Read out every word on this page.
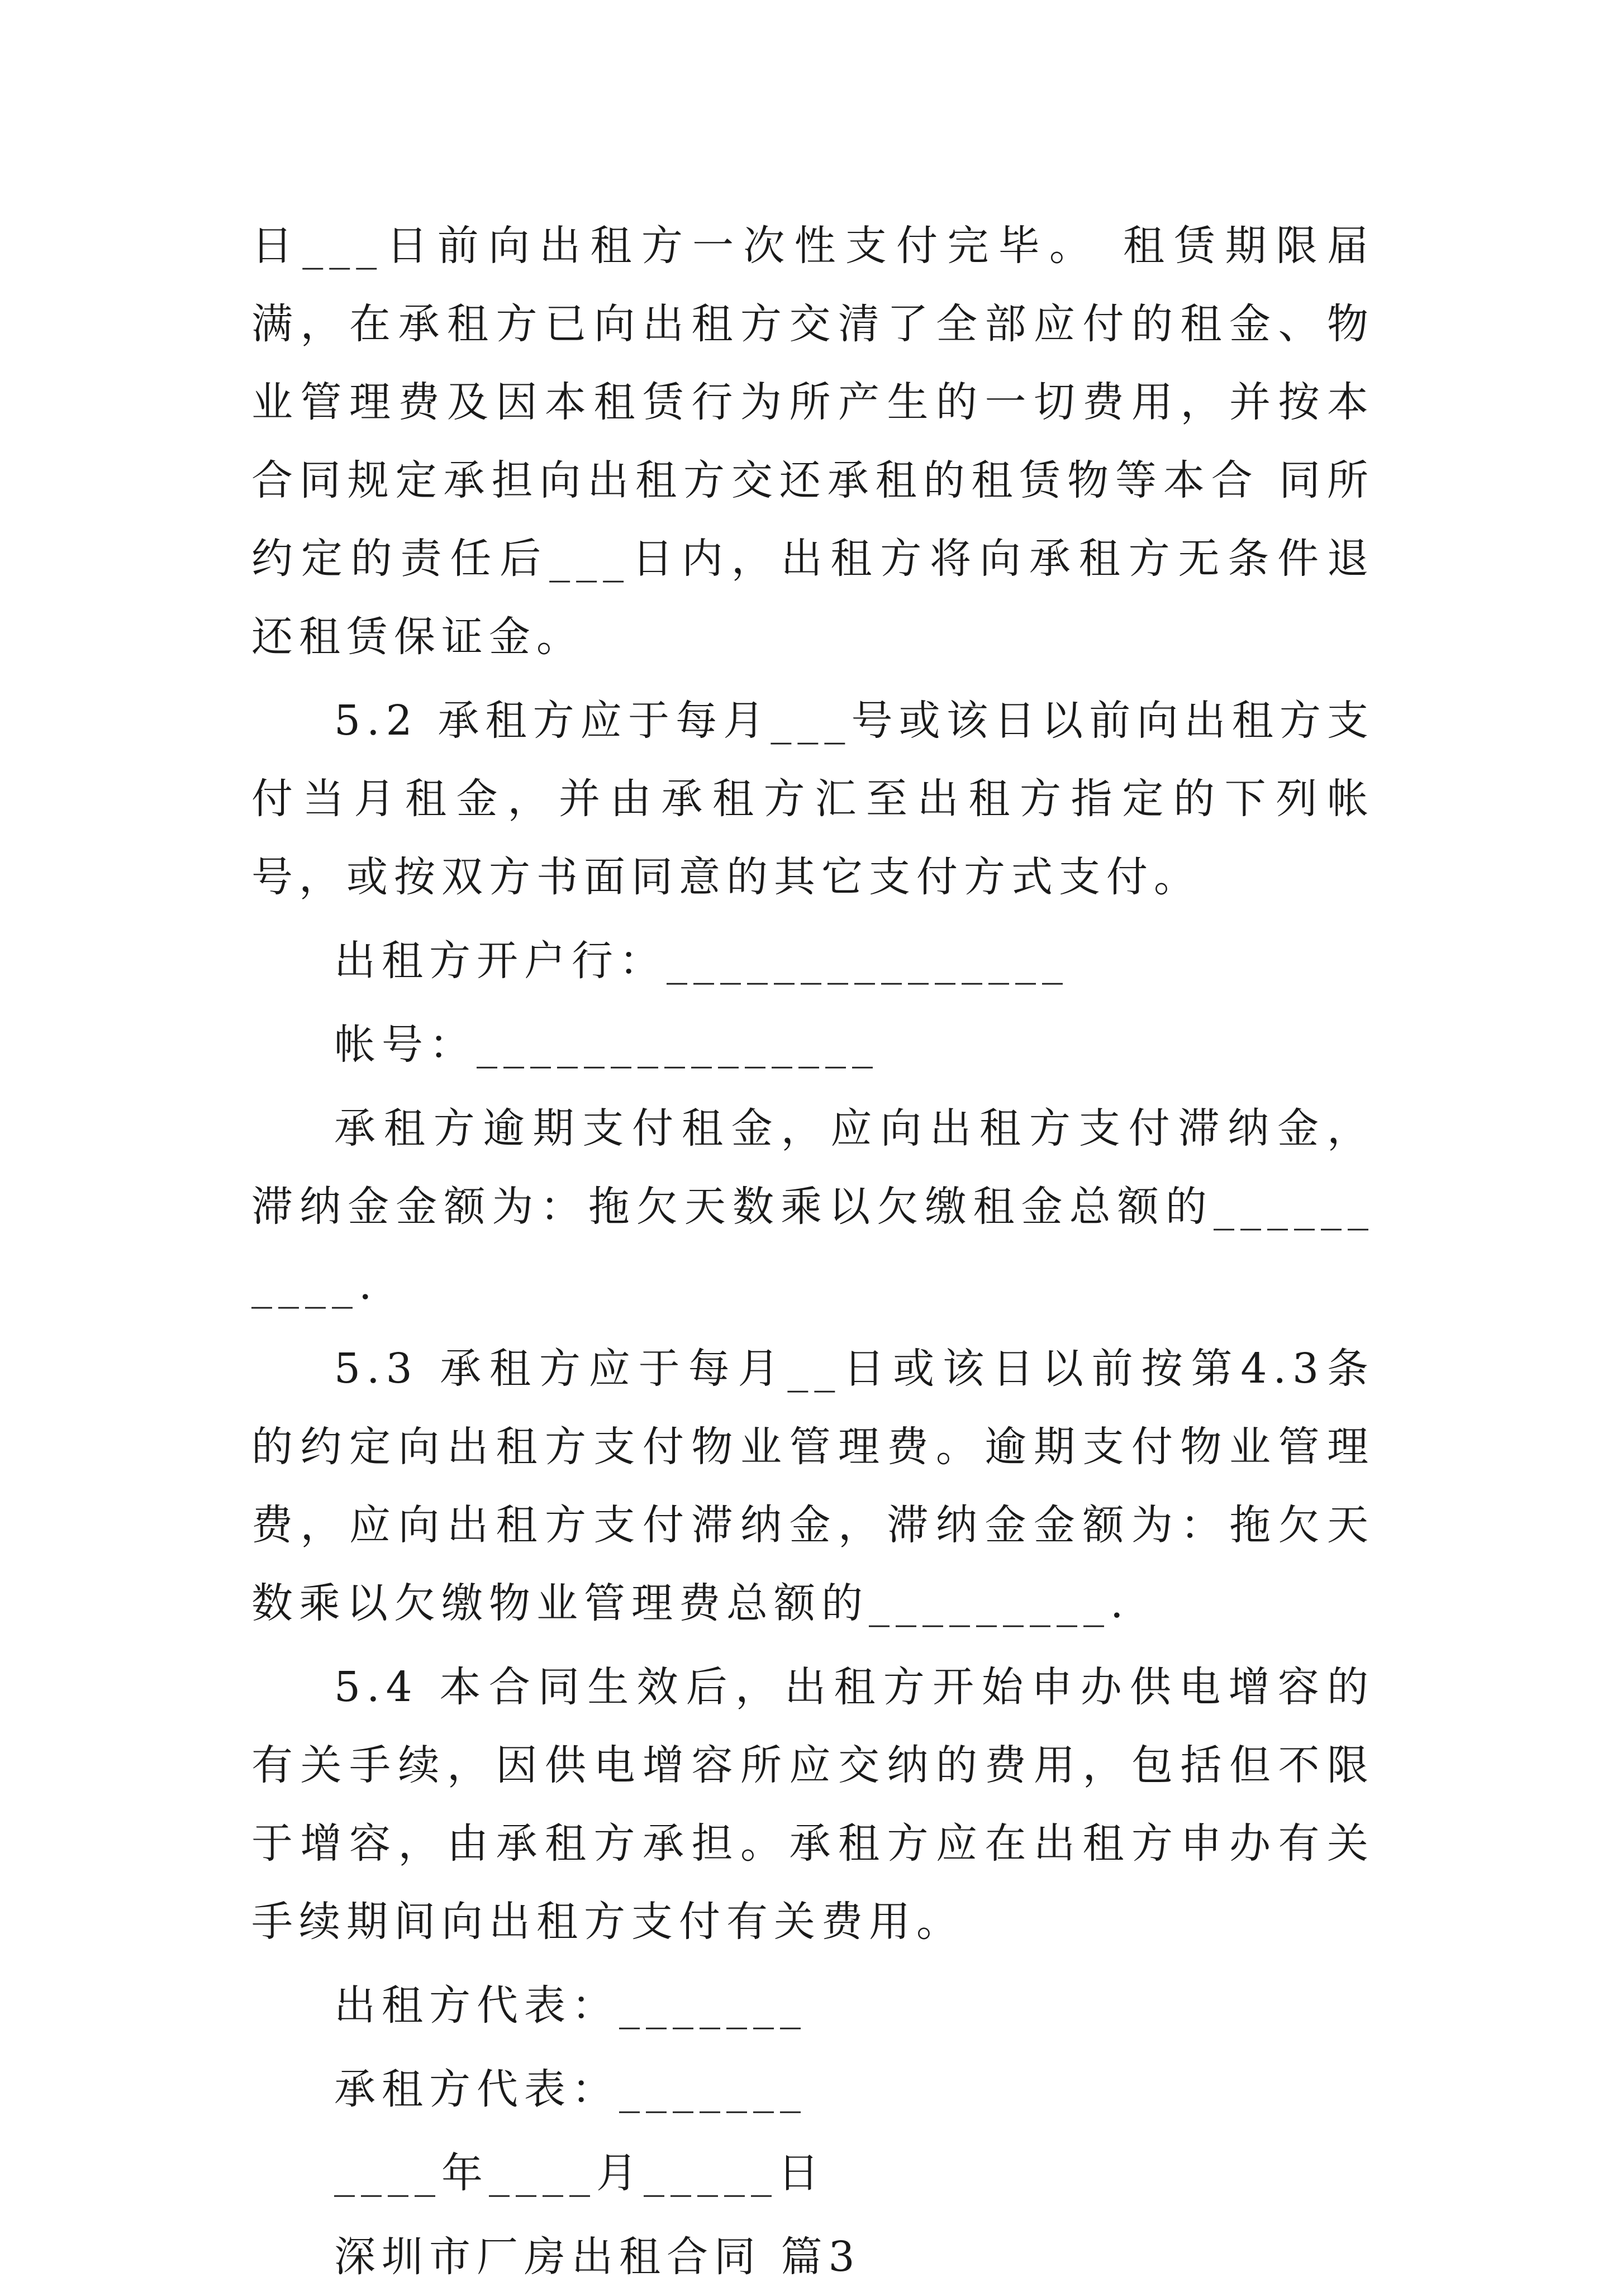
日___日前向出租方一次性支付完毕。 租赁期限届满，在承租方已向出租方交清了全部应付的租金、物业管理费及因本租赁行为所产生的一切费用，并按本合同规定承担向出租方交还承租的租赁物等本合 同所约定的责任后___日内，出租方将向承租方无条件退还租赁保证金。

5.2 承租方应于每月___号或该日以前向出租方支付当月租金，并由承租方汇至出租方指定的下列帐号，或按双方书面同意的其它支付方式支付。

出租方开户行：_______________

帐号：_______________

承租方逾期支付租金，应向出租方支付滞纳金，滞纳金金额为：拖欠天数乘以欠缴租金总额的__________.

5.3 承租方应于每月__日或该日以前按第4.3条的约定向出租方支付物业管理费。逾期支付物业管理费，应向出租方支付滞纳金，滞纳金金额为：拖欠天数乘以欠缴物业管理费总额的_________.

5.4 本合同生效后，出租方开始申办供电增容的有关手续，因供电增容所应交纳的费用，包括但不限于增容，由承租方承担。承租方应在出租方申办有关手续期间向出租方支付有关费用。

出租方代表：_______

承租方代表：_______

____年____月_____日

深圳市厂房出租合同 篇3
